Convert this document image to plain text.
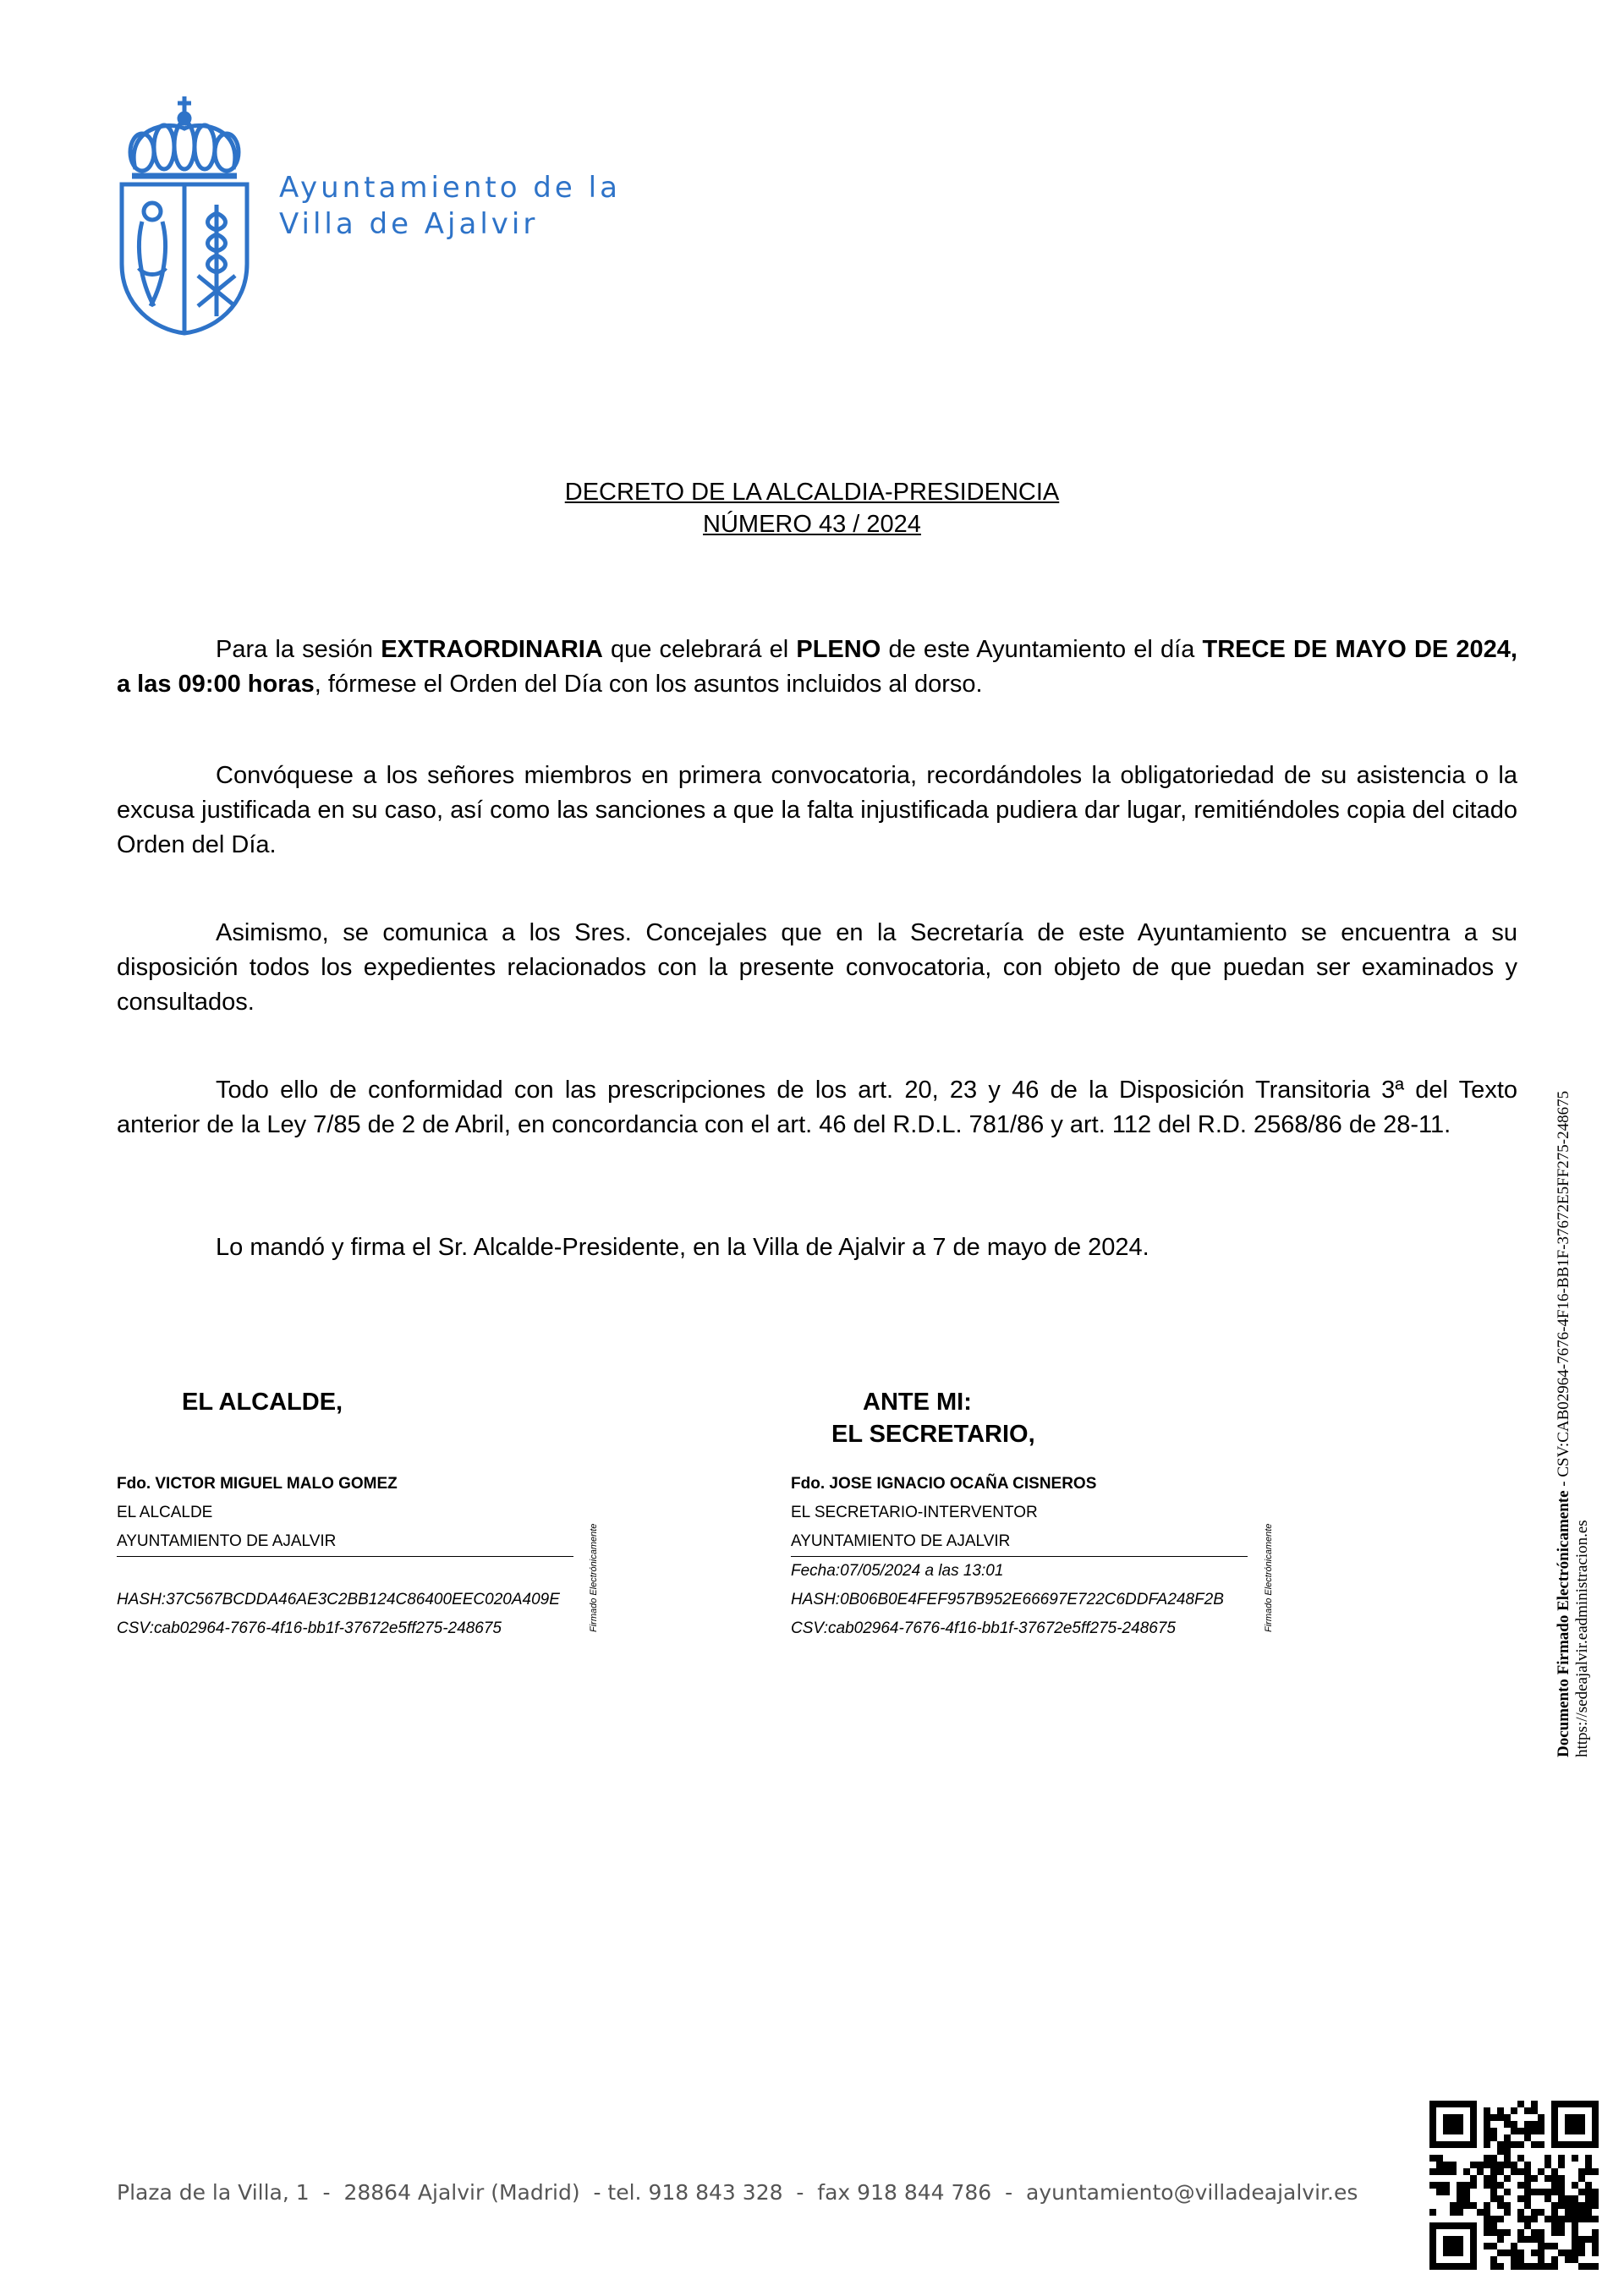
Ayuntamiento de la
Villa de Ajalvir
DECRETO DE LA ALCALDIA-PRESIDENCIA
NÚMERO 43 / 2024

Para la sesión EXTRAORDINARIA que celebrará el PLENO de este Ayuntamiento el día TRECE DE MAYO DE 2024, a las 09:00 horas, fórmese el Orden del Día con los asuntos incluidos al dorso.

Convóquese a los señores miembros en primera convocatoria, recordándoles la obligatoriedad de su asistencia o la excusa justificada en su caso, así como las sanciones a que la falta injustificada pudiera dar lugar, remitiéndoles copia del citado Orden del Día.

Asimismo, se comunica a los Sres. Concejales que en la Secretaría de este Ayuntamiento se encuentra a su disposición todos los expedientes relacionados con la presente convocatoria, con objeto de que puedan ser examinados y consultados.

Todo ello de conformidad con las prescripciones de los art. 20, 23 y 46 de la Disposición Transitoria 3ª del Texto anterior de la Ley 7/85 de 2 de Abril, en concordancia con el art. 46 del R.D.L. 781/86 y art. 112 del R.D. 2568/86 de 28-11.

Lo mandó y firma el Sr. Alcalde-Presidente, en la Villa de Ajalvir a 7 de mayo de 2024.

EL ALCALDE,	ANTE MI:
EL SECRETARIO,
Fdo. VICTOR MIGUEL MALO GOMEZ
EL ALCALDE
AYUNTAMIENTO DE AJALVIR
HASH:37C567BCDDA46AE3C2BB124C86400EEC020A409E
CSV:cab02964-7676-4f16-bb1f-37672e5ff275-248675	Firmado Electrónicamente
Fdo. JOSE IGNACIO OCAÑA CISNEROS
EL SECRETARIO-INTERVENTOR
AYUNTAMIENTO DE AJALVIR
Fecha:07/05/2024 a las 13:01
HASH:0B06B0E4FEF957B952E66697E722C6DDFA248F2B
CSV:cab02964-7676-4f16-bb1f-37672e5ff275-248675	Firmado Electrónicamente	Documento Firmado Electrónicamente - CSV:CAB02964-7676-4F16-BB1F-37672E5FF275-248675
https://sedeajalvir.eadministracion.es
Plaza de la Villa, 1  -  28864 Ajalvir (Madrid)  - tel. 918 843 328  -  fax 918 844 786  -  ayuntamiento@villadeajalvir.es
